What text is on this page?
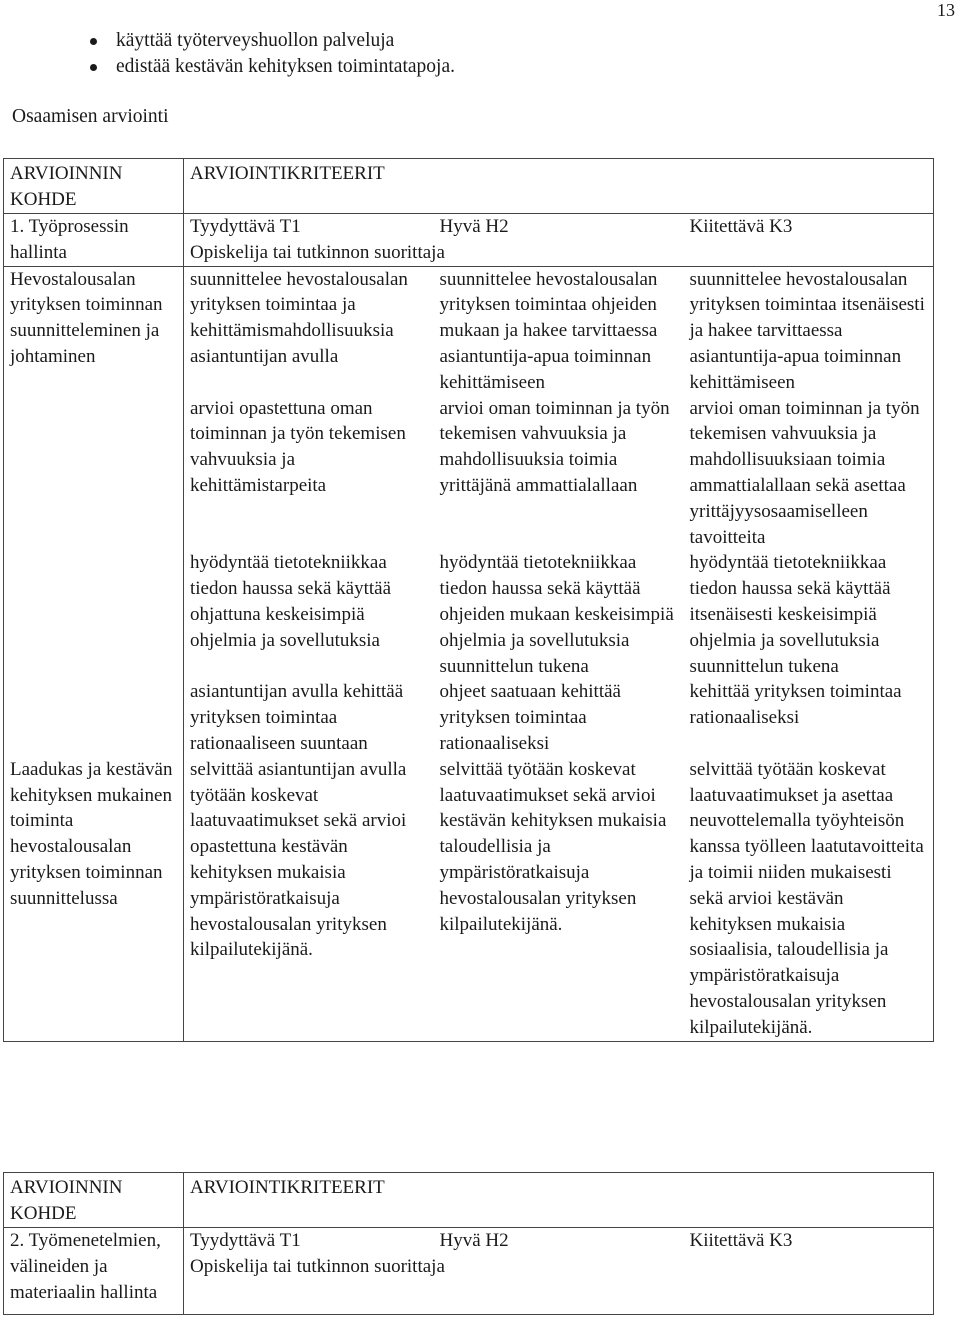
13
käyttää työterveyshuollon palveluja
edistää kestävän kehityksen toimintatapoja.
Osaamisen arviointi
ARVIOINNIN KOHDE	ARVIOINTIKRITEERIT		
1. Työprosessin hallinta	Tyydyttävä T1	Hyvä H2	Kiitettävä K3
	Opiskelija tai tutkinnon suorittaja		
Hevostalousalan yrityksen toiminnan suunnitteleminen ja johtaminen	suunnittelee hevostalousalan yrityksen toimintaa ja kehittämismahdollisuuksia asiantuntijan avulla	suunnittelee hevostalousalan yrityksen toimintaa ohjeiden mukaan ja hakee tarvittaessa asiantuntija-apua toiminnan kehittämiseen	suunnittelee hevostalousalan yrityksen toimintaa itsenäisesti ja hakee tarvittaessa asiantuntija-apua toiminnan kehittämiseen
	arvioi opastettuna oman toiminnan ja työn tekemisen vahvuuksia ja kehittämistarpeita	arvioi oman toiminnan ja työn tekemisen vahvuuksia ja mahdollisuuksia toimia yrittäjänä ammattialallaan	arvioi oman toiminnan ja työn tekemisen vahvuuksia ja mahdollisuuksiaan toimia ammattialallaan sekä asettaa yrittäjyysosaamiselleen tavoitteita
	hyödyntää tietotekniikkaa tiedon haussa sekä käyttää ohjattuna keskeisimpiä ohjelmia ja sovellutuksia	hyödyntää tietotekniikkaa tiedon haussa sekä käyttää ohjeiden mukaan keskeisimpiä ohjelmia ja sovellutuksia suunnittelun tukena	hyödyntää tietotekniikkaa tiedon haussa sekä käyttää itsenäisesti keskeisimpiä ohjelmia ja sovellutuksia suunnittelun tukena
	asiantuntijan avulla kehittää yrityksen toimintaa rationaaliseen suuntaan	ohjeet saatuaan kehittää yrityksen toimintaa rationaaliseksi	kehittää yrityksen toimintaa rationaaliseksi
Laadukas ja kestävän kehityksen mukainen toiminta hevostalousalan yrityksen toiminnan suunnittelussa	selvittää asiantuntijan avulla työtään koskevat laatuvaatimukset sekä arvioi opastettuna kestävän kehityksen mukaisia ympäristöratkaisuja hevostalousalan yrityksen kilpailutekijänä.	selvittää työtään koskevat laatuvaatimukset sekä arvioi kestävän kehityksen mukaisia taloudellisia ja ympäristöratkaisuja hevostalousalan yrityksen kilpailutekijänä.	selvittää työtään koskevat laatuvaatimukset ja asettaa neuvottelemalla työyhteisön kanssa työlleen laatutavoitteita ja toimii niiden mukaisesti sekä arvioi kestävän kehityksen mukaisia sosiaalisia, taloudellisia ja ympäristöratkaisuja hevostalousalan yrityksen kilpailutekijänä.
ARVIOINNIN KOHDE	ARVIOINTIKRITEERIT		
2. Työmenetelmien, välineiden ja materiaalin hallinta	Tyydyttävä T1	Hyvä H2	Kiitettävä K3
	Opiskelija tai tutkinnon suorittaja		
